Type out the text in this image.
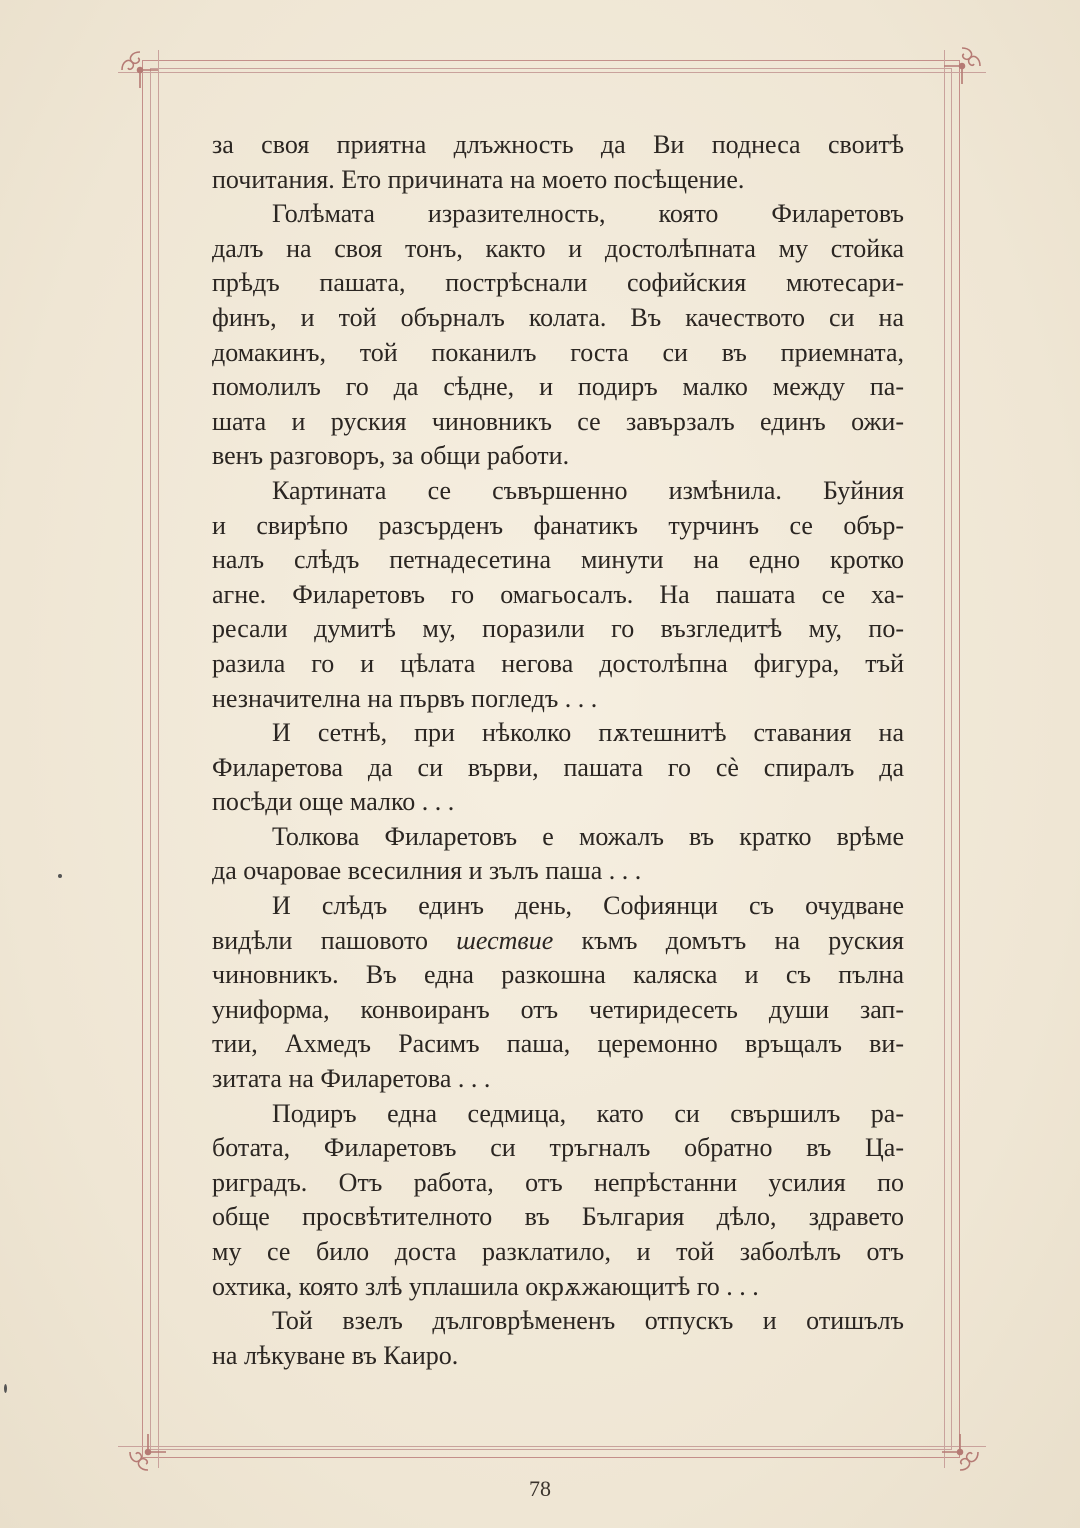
за своя приятна длъжность да Ви поднеса своитѣ
почитания. Ето причината на моето посѣщение.
Голѣмата изразителность, която Филаретовъ
далъ на своя тонъ, както и достолѣпната му стойка
прѣдъ пашата, пострѣснали софийския мютесари-
финъ, и той обърналъ колата. Въ качеството си на
домакинъ, той поканилъ госта си въ приемната,
помолилъ го да сѣдне, и подиръ малко между па-
шата и руския чиновникъ се завързалъ единъ ожи-
венъ разговоръ, за общи работи.
Картината се съвършенно измѣнила. Буйния
и свирѣпо разсърденъ фанатикъ турчинъ се обър-
налъ слѣдъ петнадесетина минути на едно кротко
агне. Филаретовъ го омагьосалъ. На пашата се ха-
ресали думитѣ му, поразили го възгледитѣ му, по-
разила го и цѣлата негова достолѣпна фигура, тъй
незначителна на първъ погледъ . . .
И сетнѣ, при нѣколко пѫтешнитѣ ставания на
Филаретова да си върви, пашата го сѐ спиралъ да
посѣди още малко . . .
Толкова Филаретовъ е можалъ въ кратко врѣме
да очароваe всесилния и зълъ паша . . .
И слѣдъ единъ день, Софиянци съ очудване
видѣли пашовото шествие къмъ домътъ на руския
чиновникъ. Въ една разкошна каляска и съ пълна
униформа, конвоиранъ отъ четиридесеть души зап-
тии, Ахмедъ Расимъ паша, церемонно връщалъ ви-
зитата на Филаретова . . .
Подиръ една седмица, като си свършилъ ра-
ботата, Филаретовъ си тръгналъ обратно въ Ца-
риградъ. Отъ работа, отъ непрѣстанни усилия по
обще просвѣтителното въ България дѣло, здравето
му се било доста разклатило, и той заболѣлъ отъ
охтика, която злѣ уплашила окрѫжающитѣ го . . .
Той взелъ дълговрѣмененъ отпускъ и отишълъ
на лѣкуване въ Каиро.
78
